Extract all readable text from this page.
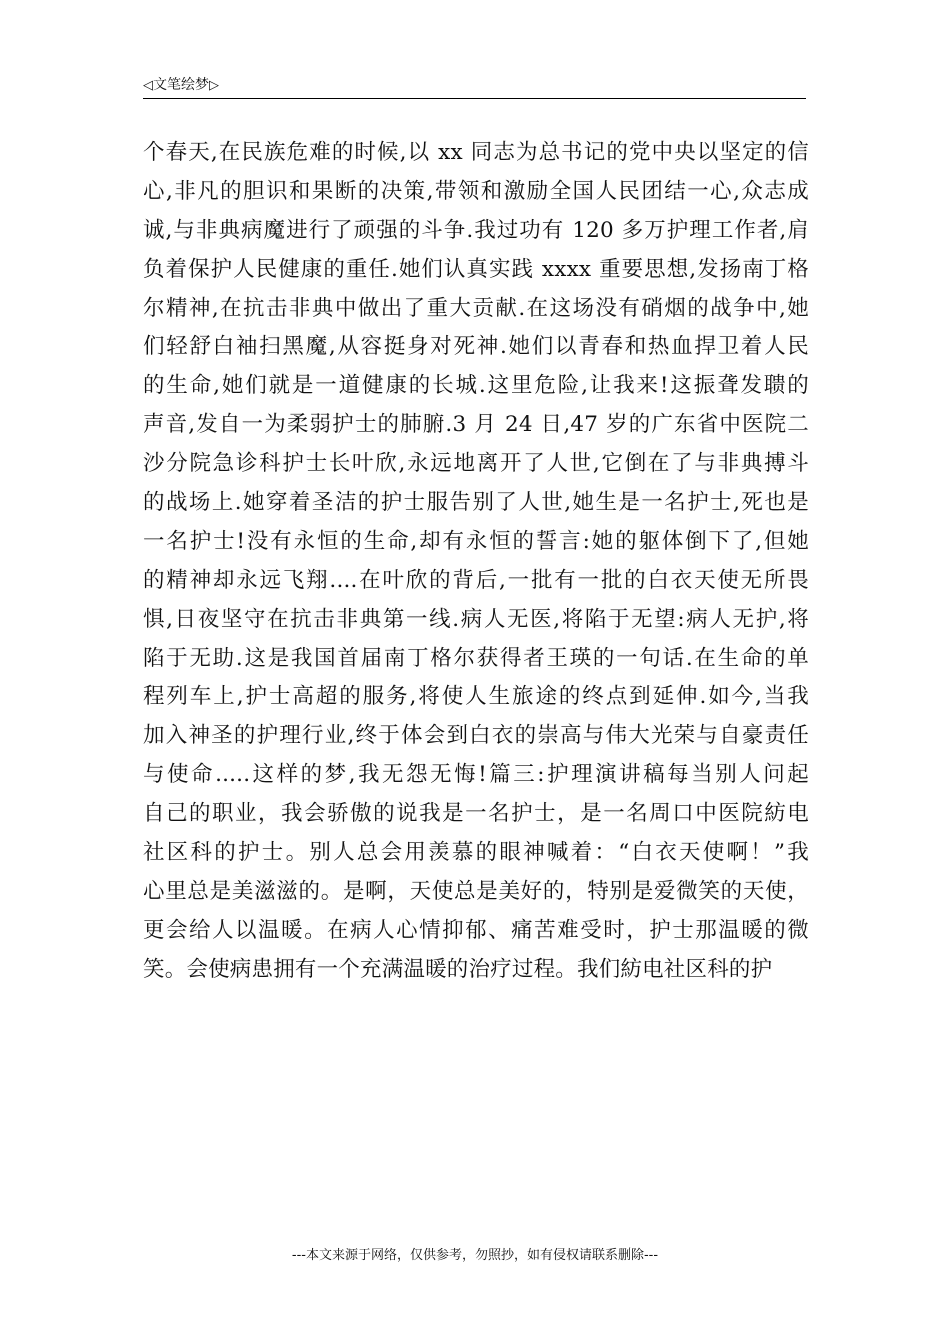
◁文笔绘梦▷
个春天,在民族危难的时候,以 xx 同志为总书记的党中央以坚定的信
心,非凡的胆识和果断的决策,带领和激励全国人民团结一心,众志成
诚,与非典病魔进行了顽强的斗争.我过功有 120 多万护理工作者,肩
负着保护人民健康的重任.她们认真实践 xxxx 重要思想,发扬南丁格
尔精神,在抗击非典中做出了重大贡献.在这场没有硝烟的战争中,她
们轻舒白袖扫黑魔,从容挺身对死神.她们以青春和热血捍卫着人民
的生命,她们就是一道健康的长城.这里危险,让我来!这振聋发聩的
声音,发自一为柔弱护士的肺腑.3 月 24 日,47 岁的广东省中医院二
沙分院急诊科护士长叶欣,永远地离开了人世,它倒在了与非典搏斗
的战场上.她穿着圣洁的护士服告别了人世,她生是一名护士,死也是
一名护士!没有永恒的生命,却有永恒的誓言:她的躯体倒下了,但她
的精神却永远飞翔....在叶欣的背后,一批有一批的白衣天使无所畏
惧,日夜坚守在抗击非典第一线.病人无医,将陷于无望:病人无护,将
陷于无助.这是我国首届南丁格尔获得者王瑛的一句话.在生命的单
程列车上,护士高超的服务,将使人生旅途的终点到延伸.如今,当我
加入神圣的护理行业,终于体会到白衣的崇高与伟大光荣与自豪责任
与使命.....这样的梦,我无怨无悔!篇三:护理演讲稿每当别人问起
自己的职业，我会骄傲的说我是一名护士，是一名周口中医院紡电
社区科的护士。别人总会用羡慕的眼神喊着：“白衣天使啊！”我
心里总是美滋滋的。是啊，天使总是美好的，特别是爱微笑的天使，
更会给人以温暖。在病人心情抑郁、痛苦难受时，护士那温暖的微
笑。会使病患拥有一个充满温暖的治疗过程。我们紡电社区科的护
---本文来源于网络，仅供参考，勿照抄，如有侵权请联系删除---
